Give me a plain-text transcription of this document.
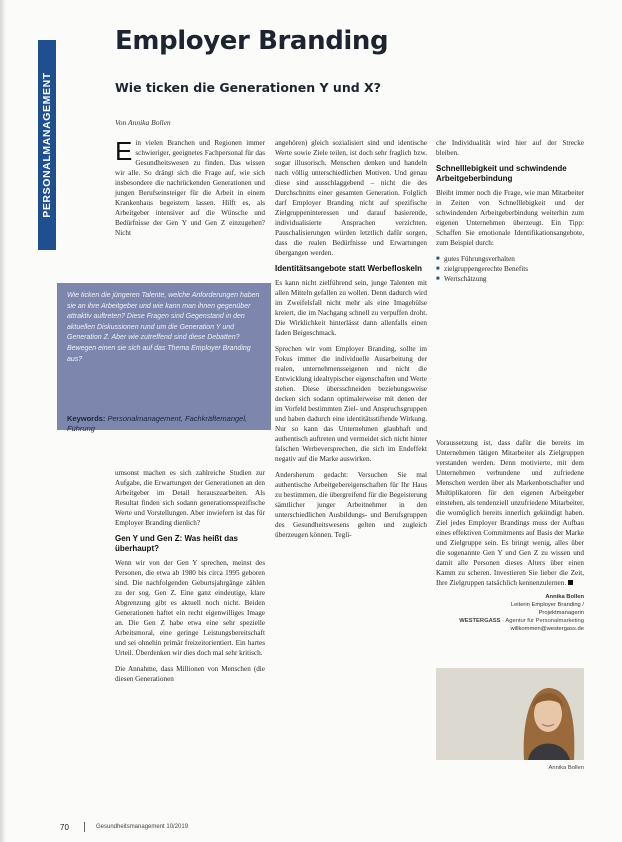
PERSONALMANAGEMENT
Employer Branding
Wie ticken die Generationen Y und X?
Von Annika Bollen

Ein vielen Branchen und Regionen immer schwieriger, geeignetes Fachpersonal für das Gesundheitswesen zu finden. Das wissen wir alle. So drängt sich die Frage auf, wie sich insbesondere die nachrückenden Generationen und jungen Berufseinsteiger für die Arbeit in einem Krankenhaus begeistern lassen. Hilft es, als Arbeitgeber intensiver auf die Wünsche und Bedürfnisse der Gen Y und Gen Z einzugehen? Nicht

Wie ticken die jüngeren Talente, welche Anforderungen haben sie an ihre Arbeitgeber und wie kann man ihnen gegenüber attraktiv auftreten? Diese Fragen sind Gegenstand in den aktuellen Diskussionen rund um die Generation Y und Generation Z. Aber wie zutreffend sind diese Debatten? Bewegen einen sie sich auf das Thema Employer Branding aus?

Keywords: Personalmanagement, Fachkräftemangel, Führung

umsonst machen es sich zahlreiche Studien zur Aufgabe, die Erwartungen der Generationen an den Arbeitgeber im Detail herauszuarbeiten. Als Resultat finden sich sodann generationsspezifische Werte und Vorstellungen. Aber inwiefern ist das für Employer Branding dienlich?

Gen Y und Gen Z: Was heißt das überhaupt?

Wenn wir von der Gen Y sprechen, meinst des Personen, die etwa ab 1980 bis circa 1995 geboren sind. Die nachfolgenden Geburtsjahrgänge zählen zu der sog. Gen Z. Eine ganz eindeutige, klare Abgrenzung gibt es aktuell noch nicht. Beiden Generationen haftet ein recht eigenwilliges Image an. Die Gen Z habe etwa eine sehr spezielle Arbeitsmoral, eine geringe Leistungsbereitschaft und sei ohnehin primär freizeitorientiert. Ein hartes Urteil. Überdenken wir dies doch mal sehr kritisch.

Die Annahme, dass Millionen von Menschen (die diesen Generationen

angehören) gleich sozialisiert sind und identische Werte sowie Ziele teilen, ist doch sehr fraglich bzw. sogar illusorisch. Menschen denken und handeln nach völlig unterschiedlichen Motiven. Und genau diese sind ausschlaggebend – nicht die des Durchschnitts einer gesamten Generation. Folglich darf Employer Branding nicht auf spezifische Zielgruppeninteressen und darauf basierende, individualisierte Ansprachen verzichten. Pauschalisierungen würden letztlich dafür sorgen, dass die realen Bedürfnisse und Erwartungen übergangen werden.

Identitätsangebote statt Werbefloskeln

Es kann nicht zielführend sein, junge Talenten mit allen Mitteln gefallen zu wollen. Denn dadurch wird im Zweifelsfall nicht mehr als eine Imagehülse kreiert, die im Nachgang schnell zu verpuffen droht. Die Wirklichkeit hinterlässt dann allenfalls einen faden Beigeschmack.

Sprechen wir vom Employer Branding, sollte im Fokus immer die individuelle Ausarbeitung der realen, unternehmensseigenen und nicht die Entwicklung idealtypischer eigenschaften und Werte stehen. Diese übersschneiden beziehungsweise decken sich sodann optimalerweise mit denen der im Vorfeld bestimmten Ziel- und Anspruchsgruppen und haben dadurch eine identitätsstiftende Wirkung. Nur so kann das Unternehmen glaubhaft und authentisch auftreten und vermeidet sich nicht hinter falschen Werbeversprechen, die sich im Endeffekt negativ auf die Marke auswirken.

Andersherum gedacht: Versuchen Sie mal authentische Arbeitgebereigenschaften für Ihr Haus zu bestimmen, die übergreifend für die Begeisterung sämtlicher junger Arbeitnehmer in den unterschiedlichen Ausbildungs- und Berufsgruppen des Gesundheitswesens gelten und zugleich überzeugen können. Tegli-

che Individualität wird hier auf der Strecke bleiben.

Schnelllebigkeit und schwindende Arbeitgeberbindung

Bleibt immer noch die Frage, wie man Mitarbeiter in Zeiten von Schnelllebigkeit und der schwindenden Arbeitgeberbindung weiterhin zum eigenen Unternehmen überzeugt. Ein Tipp: Schaffen Sie emotionale Identifikationsangebote, zum Beispiel durch:

■ gutes Führungsverhalten
■ zielgruppengerechte Benefits
■ Wertschätzung

Voraussetzung ist, dass dafür die bereits im Unternehmen tätigen Mitarbeiter als Zielgruppen verstanden werden. Denn motivierte, mit dem Unternehmen verbundene und zufriedene Menschen werden über als Markenbotschafter und Multiplikatoren für den eigenen Arbeitgeber einstehen, als tendenziell unzufriedene Mitarbeiter, die womöglich bereits innerlich gekündigt haben. Ziel jedes Employer Brandings muss der Aufbau eines effektiven Commitments auf Basis der Marke und Zielgruppe sein. Es bringt wenig, alles über die sogenannte Gen Y und Gen Z zu wissen und damit alle Personen dieses Alters über einen Kamm zu scheren. Investieren Sie lieber die Zeit, Ihre Zielgruppen tatsächlich kennenzulernen.

Annika Bollen
Leiterin Employer Branding /
Projektmanagerin
WESTERGASS · Agentur für Personalmarketing
willkommen@westergass.de
Annika Bollen
70	Gesundheitsmanagement 10/2019
